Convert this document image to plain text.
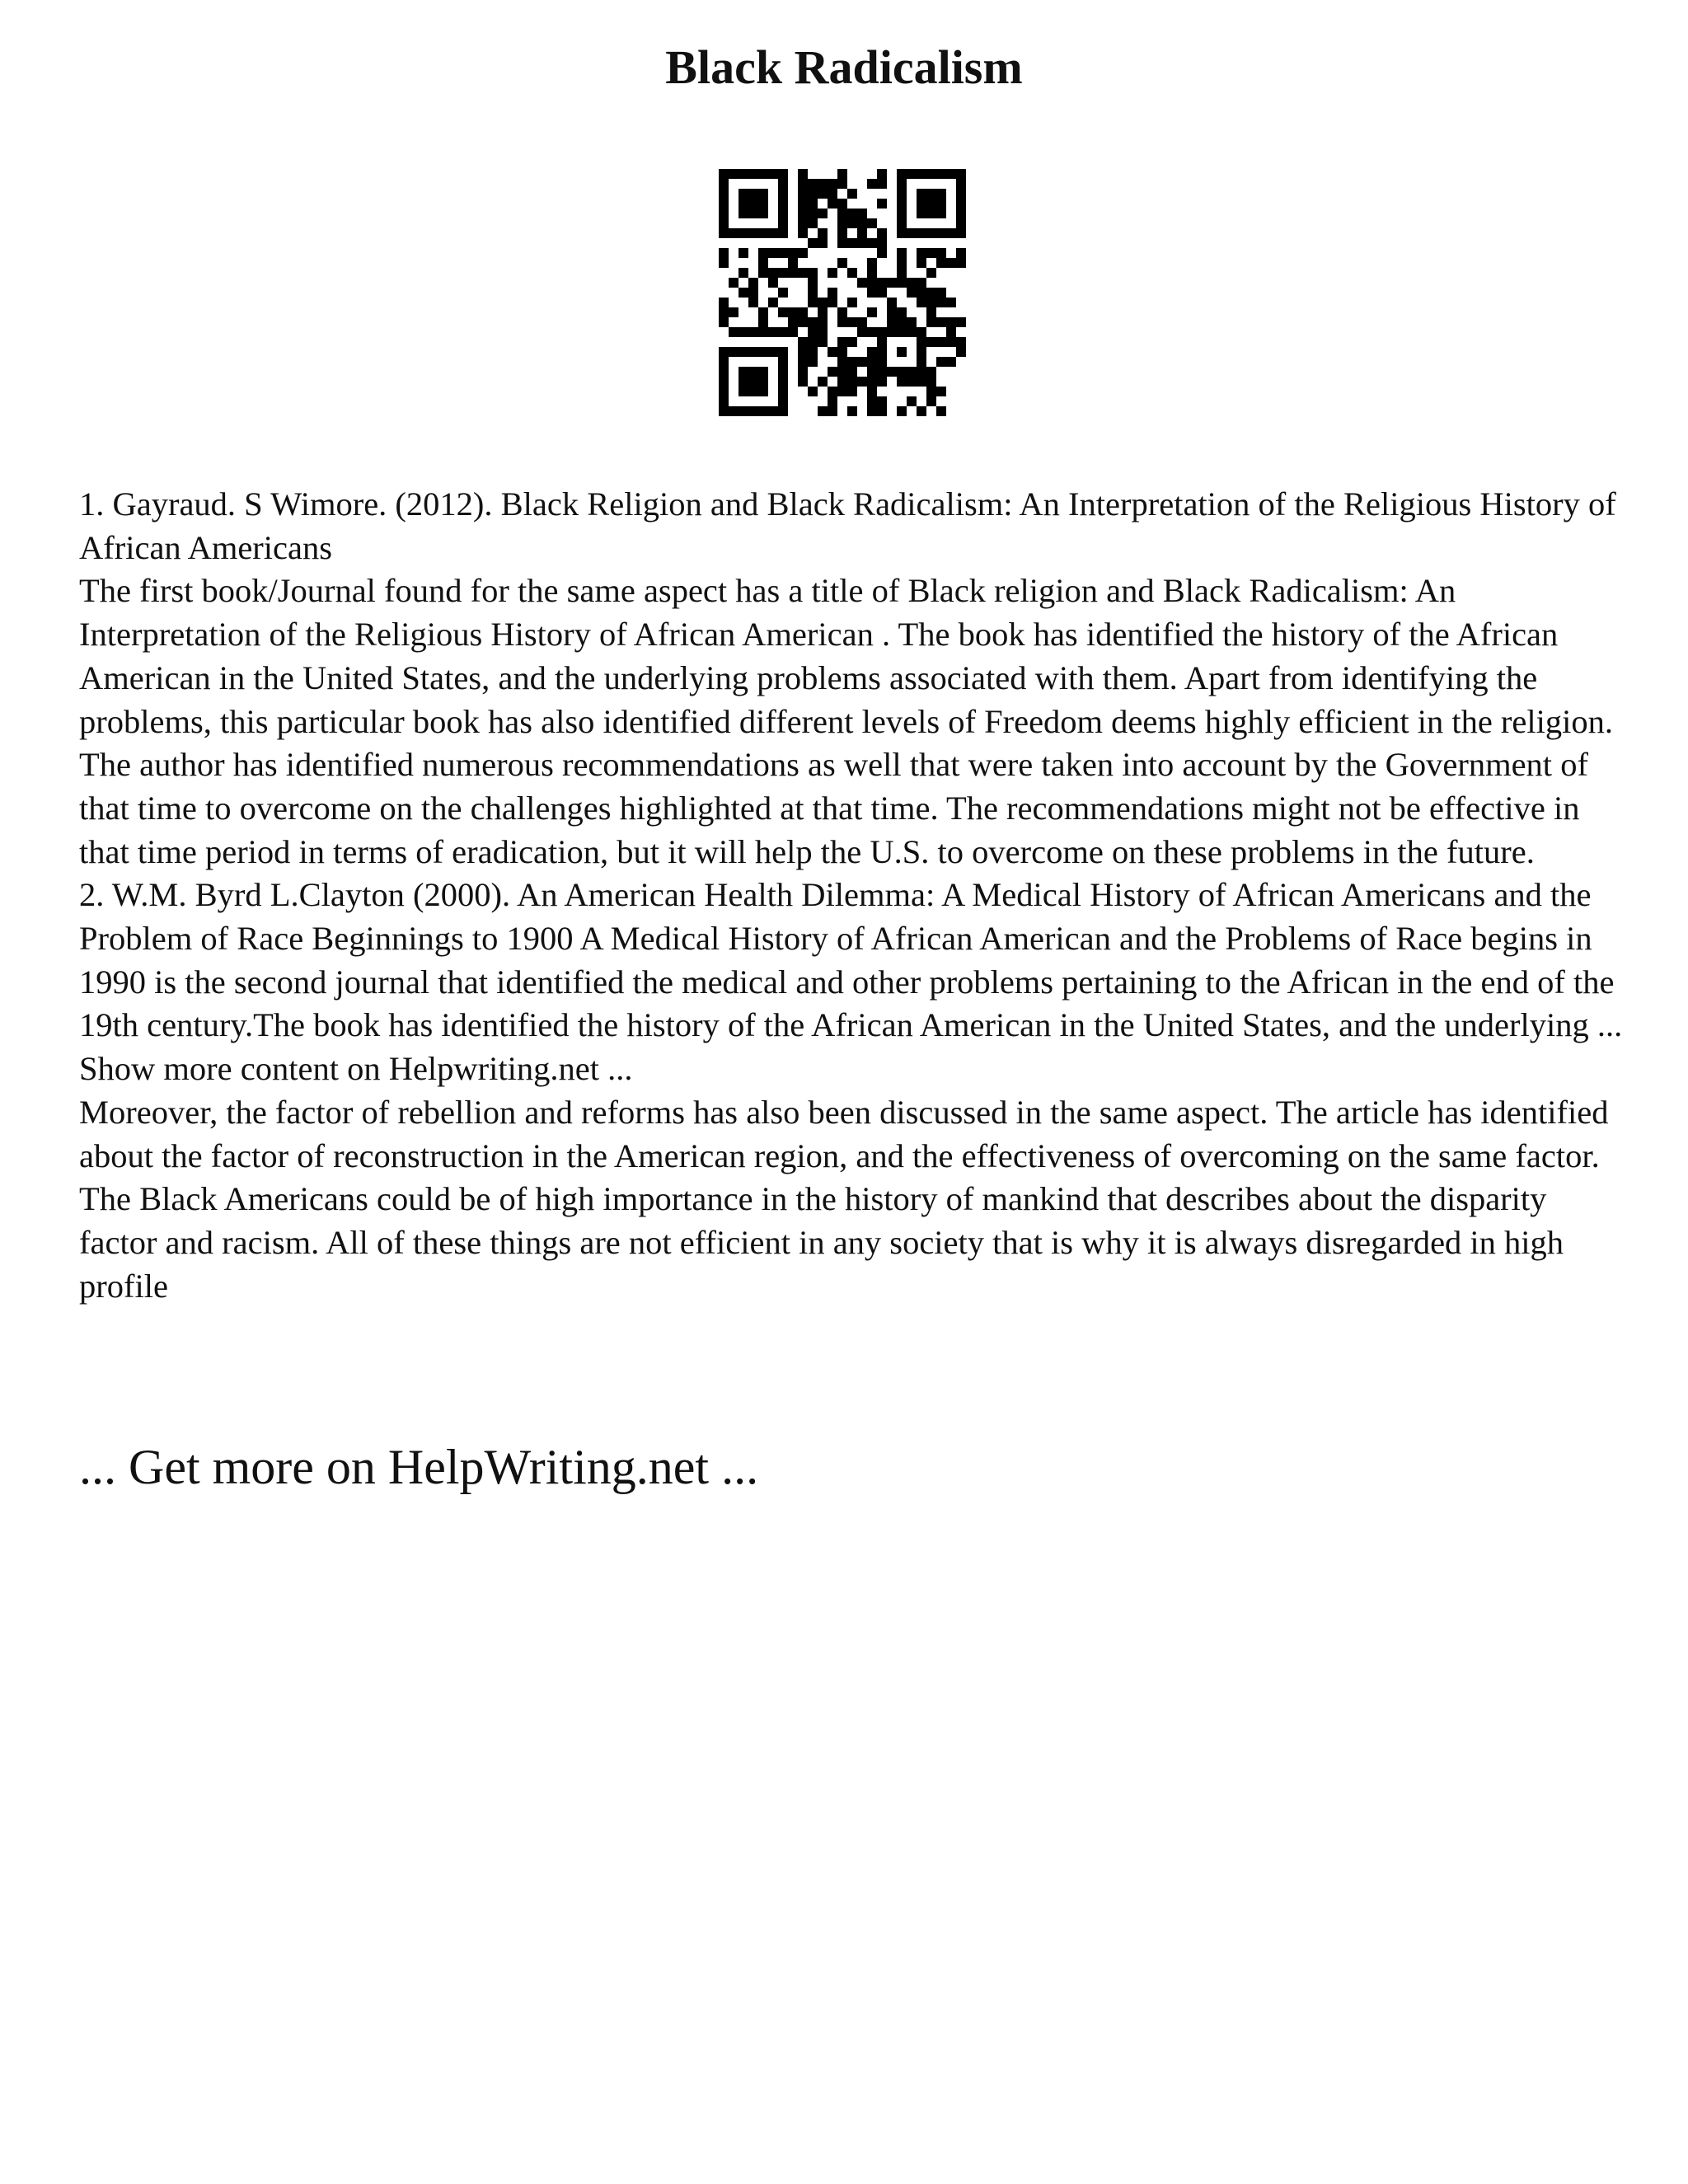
Black Radicalism

1. Gayraud. S Wimore. (2012). Black Religion and Black Radicalism: An Interpretation of the Religious History of African Americans

The first book/Journal found for the same aspect has a title of Black religion and Black Radicalism: An Interpretation of the Religious History of African American . The book has identified the history of the African American in the United States, and the underlying problems associated with them. Apart from identifying the problems, this particular book has also identified different levels of Freedom deems highly efficient in the religion. The author has identified numerous recommendations as well that were taken into account by the Government of that time to overcome on the challenges highlighted at that time. The recommendations might not be effective in that time period in terms of eradication, but it will help the U.S. to overcome on these problems in the future.

2. W.M. Byrd L.Clayton (2000). An American Health Dilemma: A Medical History of African Americans and the Problem of Race Beginnings to 1900 A Medical History of African American and the Problems of Race begins in 1990 is the second journal that identified the medical and other problems pertaining to the African in the end of the 19th century.The book has identified the history of the African American in the United States, and the underlying ... Show more content on Helpwriting.net ...

Moreover, the factor of rebellion and reforms has also been discussed in the same aspect. The article has identified about the factor of reconstruction in the American region, and the effectiveness of overcoming on the same factor. The Black Americans could be of high importance in the history of mankind that describes about the disparity factor and racism. All of these things are not efficient in any society that is why it is always disregarded in high profile

... Get more on HelpWriting.net ...
